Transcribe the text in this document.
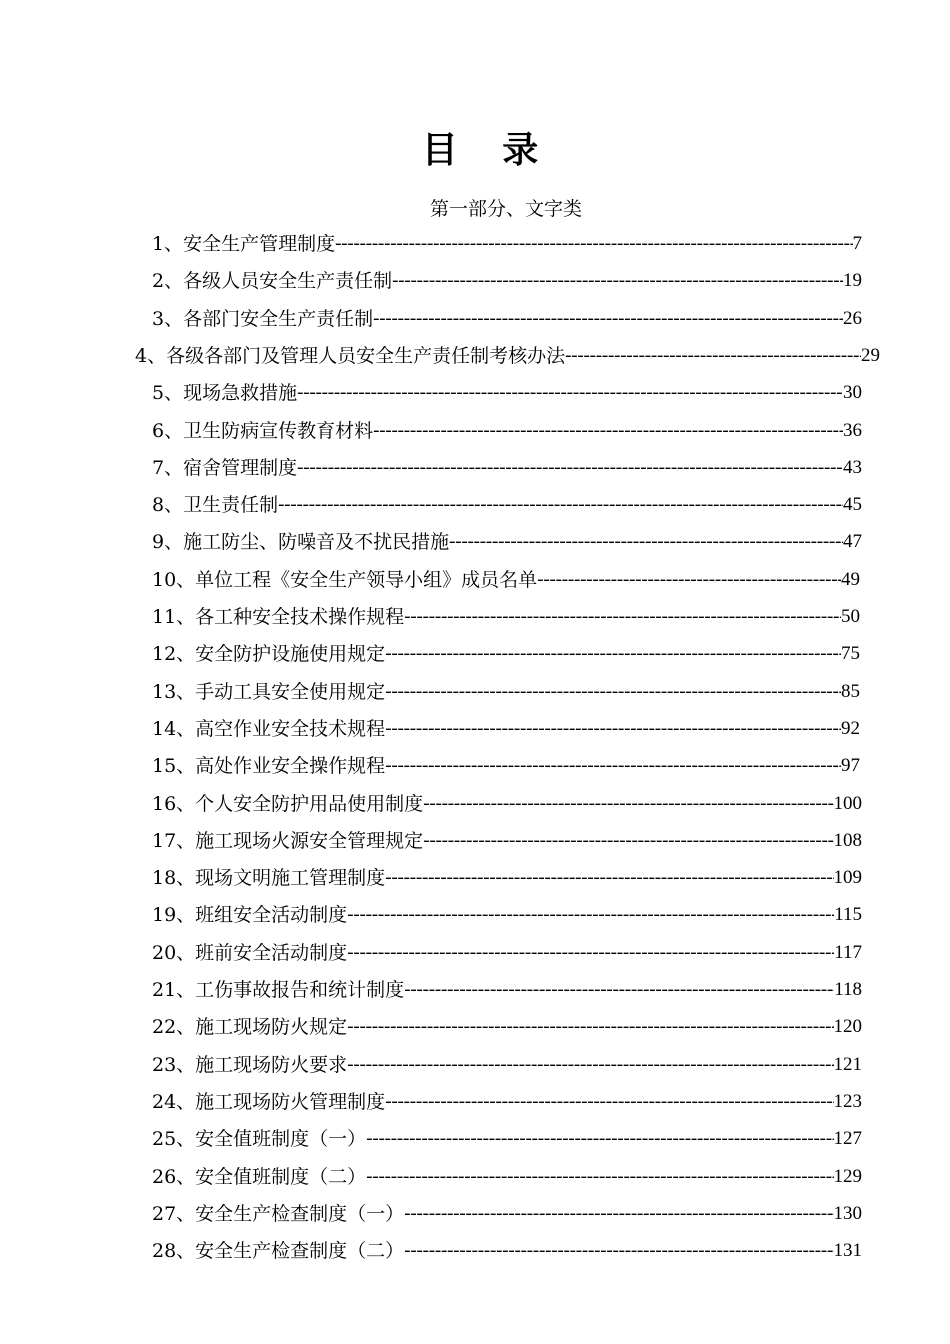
目 录
第一部分、文字类
1、安全生产管理制度 -----	7
2、各级人员安全生产责任制 -----	19
3、各部门安全生产责任制 -----	26
4、各级各部门及管理人员安全生产责任制考核办法 -----	29
5、现场急救措施 -----	30
6、卫生防病宣传教育材料 -----	36
7、宿舍管理制度 -----	43
8、卫生责任制 -----	45
9、施工防尘、防噪音及不扰民措施 -----	47
10、单位工程《安全生产领导小组》成员名单 -----	49
11、各工种安全技术操作规程 -----	50
12、安全防护设施使用规定 -----	75
13、手动工具安全使用规定 -----	85
14、高空作业安全技术规程 -----	92
15、高处作业安全操作规程 -----	97
16、个人安全防护用品使用制度 -----	100
17、施工现场火源安全管理规定 -----	108
18、现场文明施工管理制度 -----	109
19、班组安全活动制度 -----	115
20、班前安全活动制度 -----	117
21、工伤事故报告和统计制度 -----	118
22、施工现场防火规定 -----	120
23、施工现场防火要求 -----	121
24、施工现场防火管理制度 -----	123
25、安全值班制度（一） -----	127
26、安全值班制度（二） -----	129
27、安全生产检查制度（一） -----	130
28、安全生产检查制度（二） -----	131
